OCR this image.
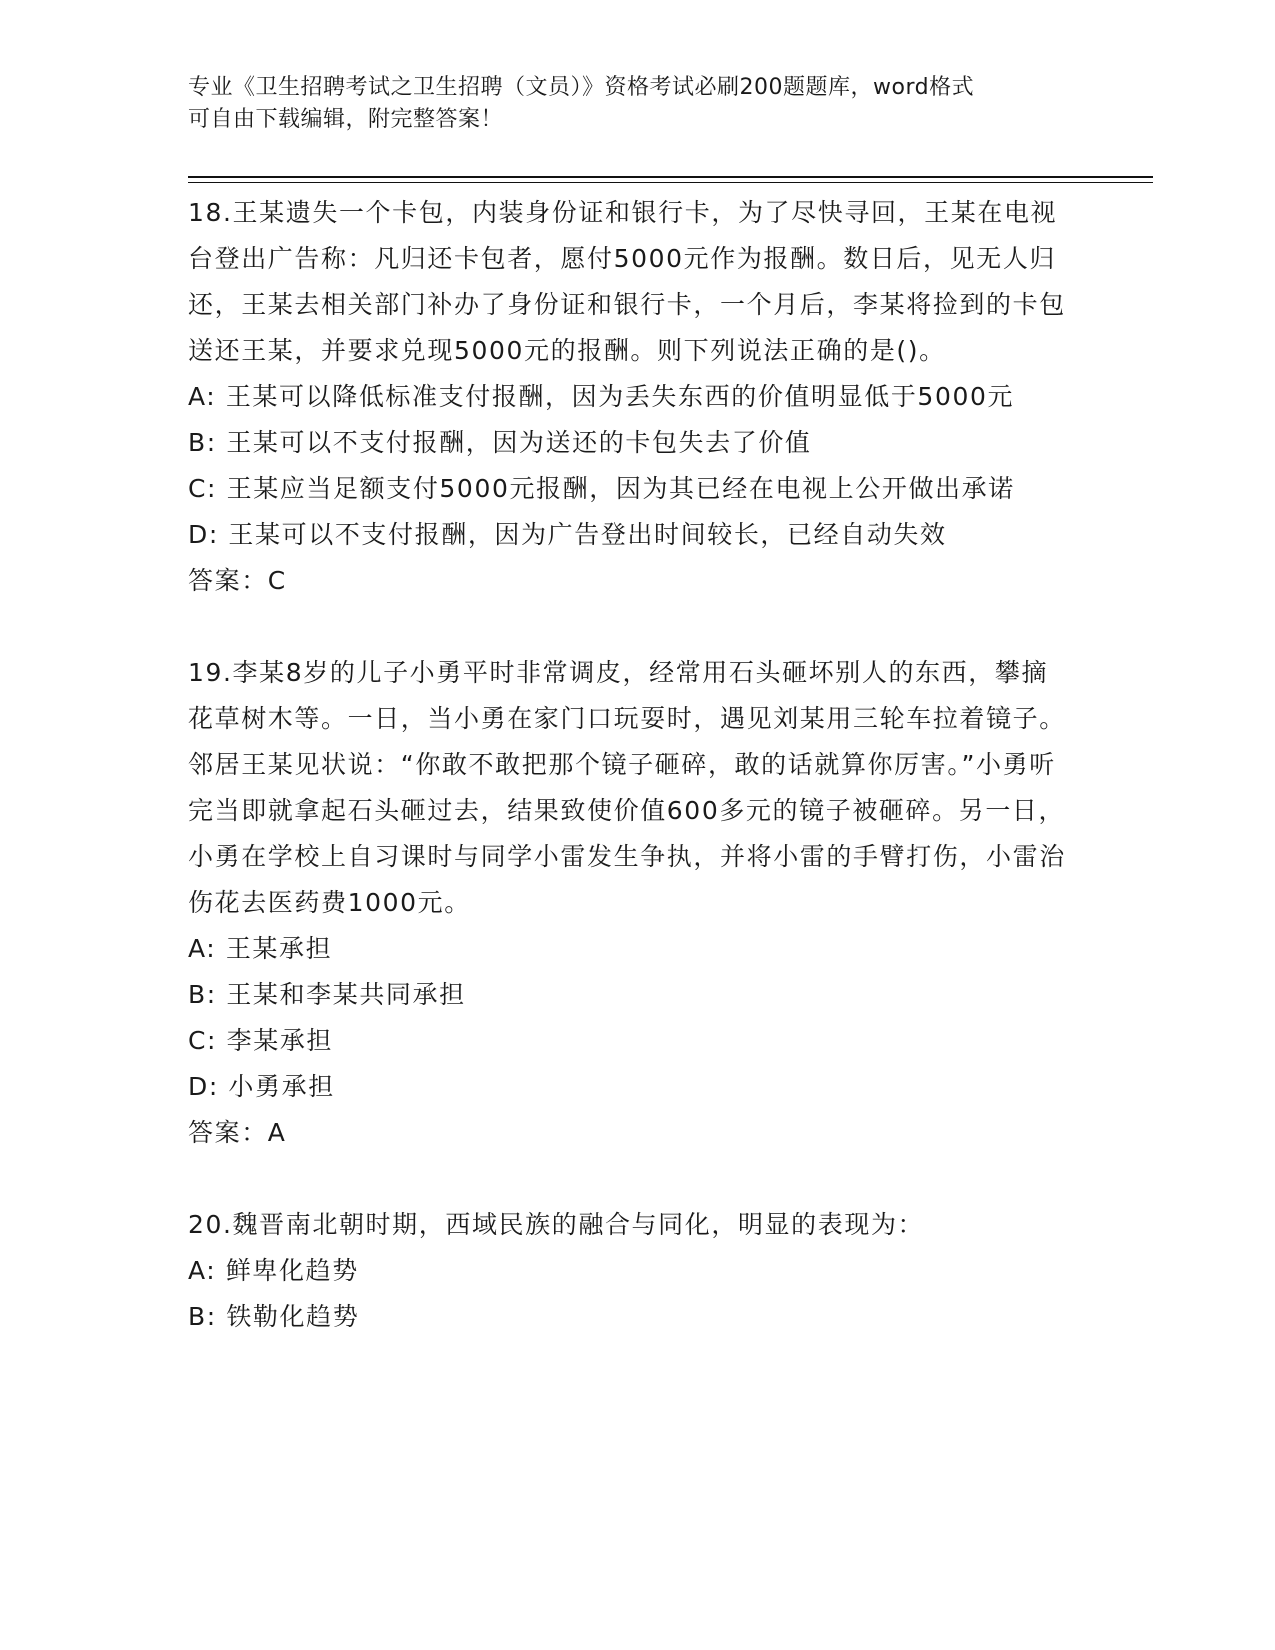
专业《卫生招聘考试之卫生招聘（文员）》资格考试必刷200题题库，word格式
可自由下载编辑，附完整答案！

18.王某遗失一个卡包，内装身份证和银行卡，为了尽快寻回，王某在电视台登出广告称：凡归还卡包者，愿付5000元作为报酬。数日后，见无人归还，王某去相关部门补办了身份证和银行卡，一个月后，李某将捡到的卡包送还王某，并要求兑现5000元的报酬。则下列说法正确的是()。

A: 王某可以降低标准支付报酬，因为丢失东西的价值明显低于5000元

B: 王某可以不支付报酬，因为送还的卡包失去了价值

C: 王某应当足额支付5000元报酬，因为其已经在电视上公开做出承诺

D: 王某可以不支付报酬，因为广告登出时间较长，已经自动失效

答案：C

19.李某8岁的儿子小勇平时非常调皮，经常用石头砸坏别人的东西，攀摘花草树木等。一日，当小勇在家门口玩耍时，遇见刘某用三轮车拉着镜子。邻居王某见状说：“你敢不敢把那个镜子砸碎，敢的话就算你厉害。”小勇听完当即就拿起石头砸过去，结果致使价值600多元的镜子被砸碎。另一日，小勇在学校上自习课时与同学小雷发生争执，并将小雷的手臂打伤，小雷治伤花去医药费1000元。

A: 王某承担

B: 王某和李某共同承担

C: 李某承担

D: 小勇承担

答案：A

20.魏晋南北朝时期，西域民族的融合与同化，明显的表现为：

A: 鲜卑化趋势

B: 铁勒化趋势
